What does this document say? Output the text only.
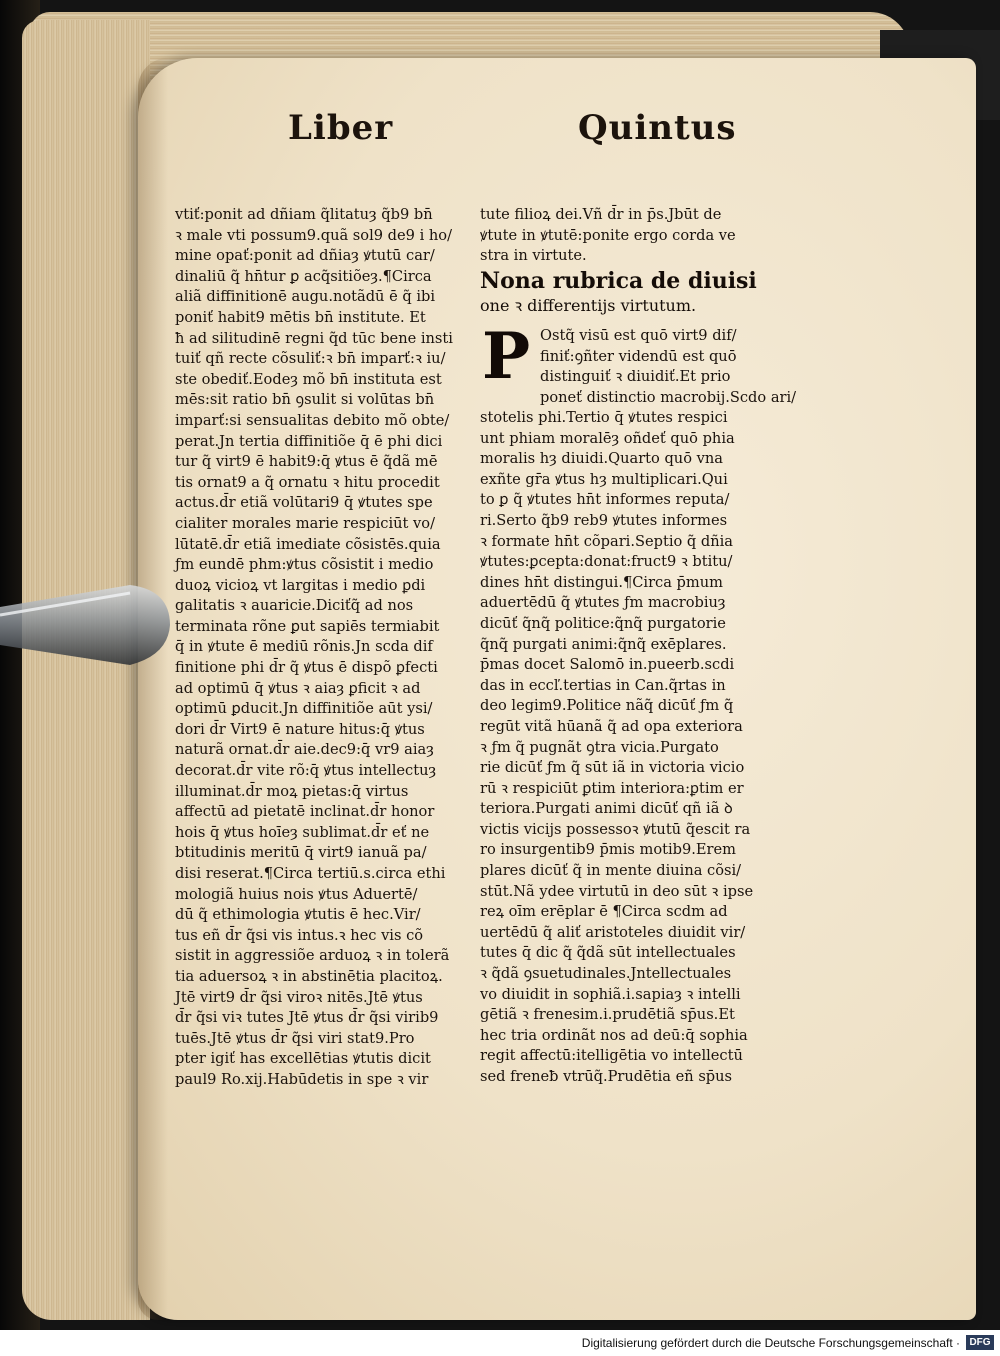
Liber	Quintus
vtiť:ponit ad dñiam q̃litatuȝ q̃b9 bn̄
ꝛ male vti possum9.quã sol9 de9 i ho/
mine opať:ponit ad dñiaȝ ꝟtutū car/
dinaliū q̃ hn̄tur ꝑ acq̃sitiõeȝ.¶Circa
aliã diffinitionē augu.notãdū ē q̃ ibi
poniť habit9 mētis bn̄ institute. Et
ħ ad silitudinē regni q̃d tūc bene insti
tuiť qñ recte cõsuliť:ꝛ bn̄ imparť:ꝛ iu/
ste obediť.Eodeȝ mõ bn̄ instituta est
mēs:sit ratio bn̄ ꝯsulit si volūtas bn̄
imparť:si sensualitas debito mõ obte/
perat.Jn tertia diffinitiõe q̄ ē phi dici
tur q̃ virt9 ē habit9:q̄ ꝟtus ē q̃dã mē
tis ornat9 a q̃ ornatu ꝛ hitu procedit
actus.d̄r etiã volūtari9 q̄ ꝟtutes spe
cialiter morales marie respiciūt vo/
lūtatē.d̄r etiã imediate cõsistēs.quia
ƒm eundē phm:ꝟtus cõsistit i medio
duoꝝ vicioꝝ vt largitas i medio ꝑdi
galitatis ꝛ auaricie.Diciťq̃ ad nos
terminata rõne ꝑut sapiēs termiabit
q̄ in ꝟtute ē mediū rõnis.Jn scda dif
finitione phi d̄r q̃ ꝟtus ē dispõ ꝑfecti
ad optimū q̄ ꝟtus ꝛ aiaȝ ꝑficit ꝛ ad
optimū ꝑducit.Jn diffinitiõe aūt ysi/
dori d̄r Virt9 ē nature hitus:q̄ ꝟtus
naturã ornat.d̄r aie.dec9:q̄ vr9 aiaȝ
decorat.d̄r vite rõ:q̄ ꝟtus intellectuȝ
illuminat.d̄r moꝝ pietas:q̄ virtus
affectū ad pietatē inclinat.d̄r honor
hois q̄ ꝟtus hoīeȝ sublimat.d̄r eť ne
btitudinis meritū q̄ virt9 ianuã pa/
disi reserat.¶Circa tertiū.s.circa ethi
mologiã huius nois ꝟtus Aduertē/
dū q̃ ethimologia ꝟtutis ē hec.Vir/
tus eñ d̄r q̃si vis intus.ꝛ hec vis cõ
sistit in aggressiõe arduoꝝ ꝛ in tolerã
tia aduersoꝝ ꝛ in abstinētia placitoꝝ.
Jtē virt9 d̄r q̃si viroꝛ nitēs.Jtē ꝟtus
d̄r q̃si viꝛ tutes Jtē ꝟtus d̄r q̃si virib9
tuēs.Jtē ꝟtus d̄r q̃si viri stat9.Pro
pter igiť has excellētias ꝟtutis dicit
paul9 Ro.xij.Habūdetis in spe ꝛ vir
tute filioꝝ dei.Vñ d̄r in p̄s.Jbūt de
ꝟtute in ꝟtutē:ponite ergo corda ve
stra in virtute.
Nona rubrica de diuisi
one ꝛ differentijs virtutum.
P Ostq̃ visū est quō virt9 dif/
finiť:ꝯñter videndū est quō
distinguiť ꝛ diuidiť.Et prio
poneť distinctio macrobij.Scdo ari/
stotelis phi.Tertio q̄ ꝟtutes respici
unt phiam moralēȝ oñdeť quō phia
moralis hȝ diuidi.Quarto quō vna
exñte gr̄a ꝟtus hȝ multiplicari.Qui
to ꝑ q̃ ꝟtutes hn̄t informes reputa/
ri.Serto q̃b9 reb9 ꝟtutes informes
ꝛ formate hn̄t cõpari.Septio q̃ dñia
ꝟtutes:ꝑcepta:donat:fruct9 ꝛ btitu/
dines hn̄t distingui.¶Circa p̄mum
aduertēdū q̃ ꝟtutes ƒm macrobiuȝ
dicūť q̃nq̃ politice:q̃nq̃ purgatorie
q̃nq̃ purgati animi:q̃nq̃ exēplares.
p̄mas docet Salomō in.pueerb.scdi
das in eccľ.tertias in Can.q̃rtas in
deo legim9.Politice nãq̃ dicūť ƒm q̃
regūt vitã hūanã q̃ ad opa exteriora
ꝛ ƒm q̃ pugnãt ꝯtra vicia.Purgato
rie dicūť ƒm q̃ sūt iã in victoria vicio
rū ꝛ respiciūt ꝑtim interiora:ꝑtim er
teriora.Purgati animi dicūť qñ iã ꝺ
victis vicijs possessoꝛ ꝟtutū q̃escit ra
ro insurgentib9 p̄mis motib9.Erem
plares dicūť q̃ in mente diuina cõsi/
stūt.Nã ydee virtutū in deo sūt ꝛ ipse
reꝝ oīm erēplar ē ¶Circa scdm ad
uertēdū q̃ aliť aristoteles diuidit vir/
tutes q̄ dic q̃ q̃dã sūt intellectuales
ꝛ q̃dã ꝯsuetudinales.Jntellectuales
vo diuidit in sophiã.i.sapiaȝ ꝛ intelli
gētiã ꝛ frenesim.i.prudētiã sp̄us.Et
hec tria ordinãt nos ad deū:q̄ sophia
regit affectū:itelligētia vo intellectū
sed freneƀ vtrūq̃.Prudētia eñ sp̄us
Digitalisierung gefördert durch die Deutsche Forschungsgemeinschaft · DFG
